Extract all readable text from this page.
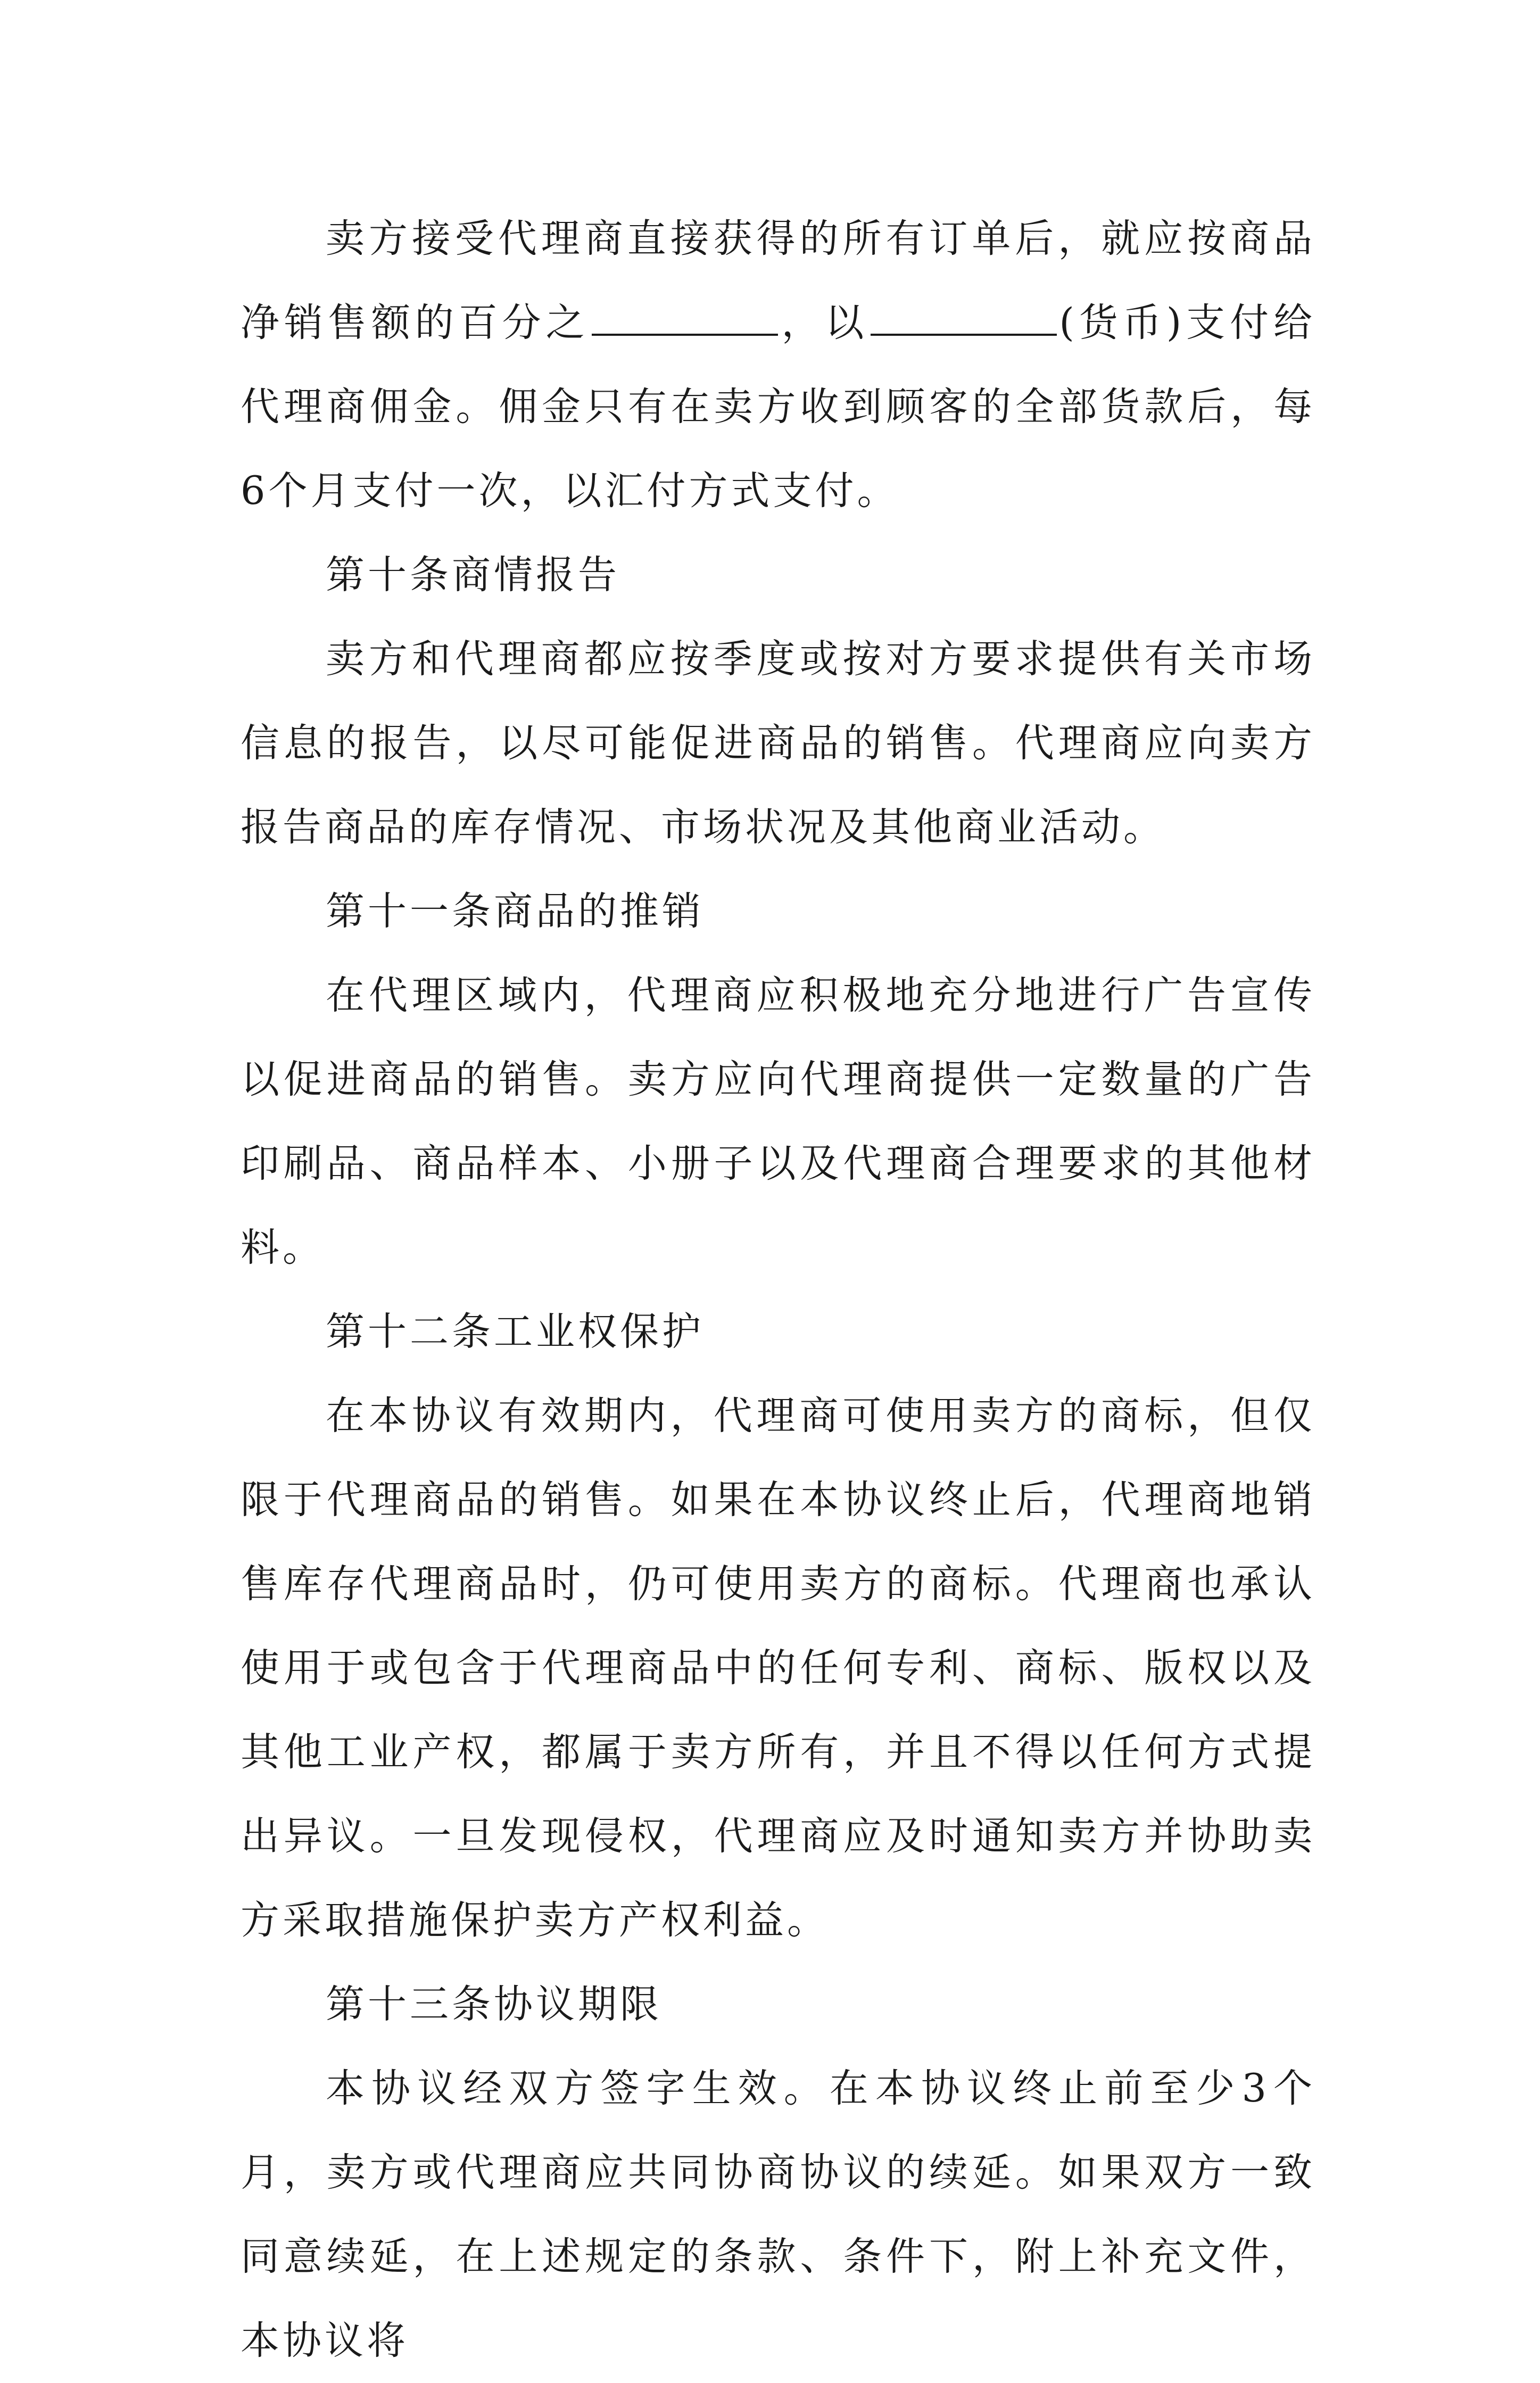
卖方接受代理商直接获得的所有订单后，就应按商品净销售额的百分之	，以	(货币)支付给代理商佣金。佣金只有在卖方收到顾客的全部货款后，每6个月支付一次，以汇付方式支付。

第十条商情报告

卖方和代理商都应按季度或按对方要求提供有关市场信息的报告，以尽可能促进商品的销售。代理商应向卖方报告商品的库存情况、市场状况及其他商业活动。

第十一条商品的推销

在代理区域内，代理商应积极地充分地进行广告宣传以促进商品的销售。卖方应向代理商提供一定数量的广告印刷品、商品样本、小册子以及代理商合理要求的其他材料。

第十二条工业权保护

在本协议有效期内，代理商可使用卖方的商标，但仅限于代理商品的销售。如果在本协议终止后，代理商地销售库存代理商品时，仍可使用卖方的商标。代理商也承认使用于或包含于代理商品中的任何专利、商标、版权以及其他工业产权，都属于卖方所有，并且不得以任何方式提出异议。一旦发现侵权，代理商应及时通知卖方并协助卖方采取措施保护卖方产权利益。

第十三条协议期限

本协议经双方签字生效。在本协议终止前至少3个月，卖方或代理商应共同协商协议的续延。如果双方一致同意续延，在上述规定的条款、条件下，附上补充文件，本协议将
